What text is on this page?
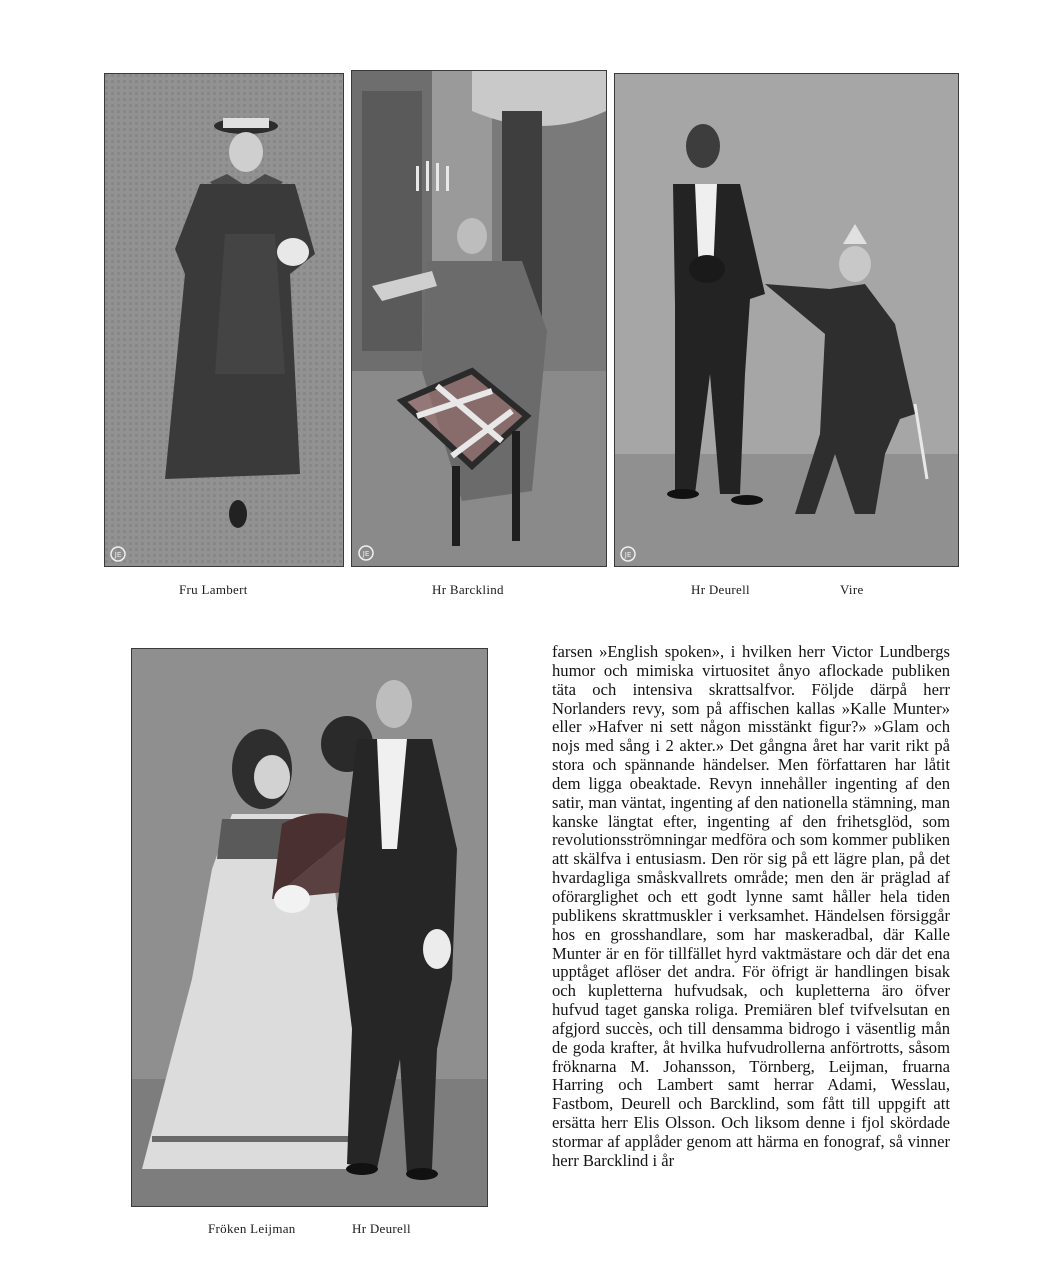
JE	JE	JE
Fru Lambert	Hr Barcklind	Hr Deurell	Vire
Fröken Leijman	Hr Deurell

farsen »English spoken», i hvilken herr Victor Lundbergs humor och mimiska virtuositet ånyo aflockade publiken täta och intensiva skrattsalfvor. Följde därpå herr Norlanders revy, som på affischen kallas »Kalle Munter» eller »Hafver ni sett någon misstänkt figur?» »Glam och nojs med sång i 2 akter.» Det gångna året har varit rikt på stora och spännande händelser. Men författaren har låtit dem ligga obeaktade. Revyn innehåller ingenting af den satir, man väntat, ingenting af den nationella stämning, man kanske längtat efter, ingenting af den frihetsglöd, som revolutionsströmningar medföra och som kommer publiken att skälfva i entusiasm. Den rör sig på ett lägre plan, på det hvardagliga småskvallrets område; men den är präglad af oförarglighet och ett godt lynne samt håller hela tiden publikens skrattmuskler i verksamhet. Händelsen försiggår hos en grosshandlare, som har maskeradbal, där Kalle Munter är en för tillfället hyrd vaktmästare och där det ena upptåget aflöser det andra. För öfrigt är handlingen bisak och kupletterna hufvudsak, och kupletterna äro öfver hufvud taget ganska roliga. Premiären blef tvifvelsutan en afgjord succès, och till densamma bidrogo i väsentlig mån de goda krafter, åt hvilka hufvudrollerna anförtrotts, såsom fröknarna M. Johansson, Törnberg, Leijman, fruarna Harring och Lambert samt herrar Adami, Wesslau, Fastbom, Deurell och Barcklind, som fått till uppgift att ersätta herr Elis Olsson. Och liksom denne i fjol skördade stormar af applåder genom att härma en fonograf, så vinner herr Barcklind i år
